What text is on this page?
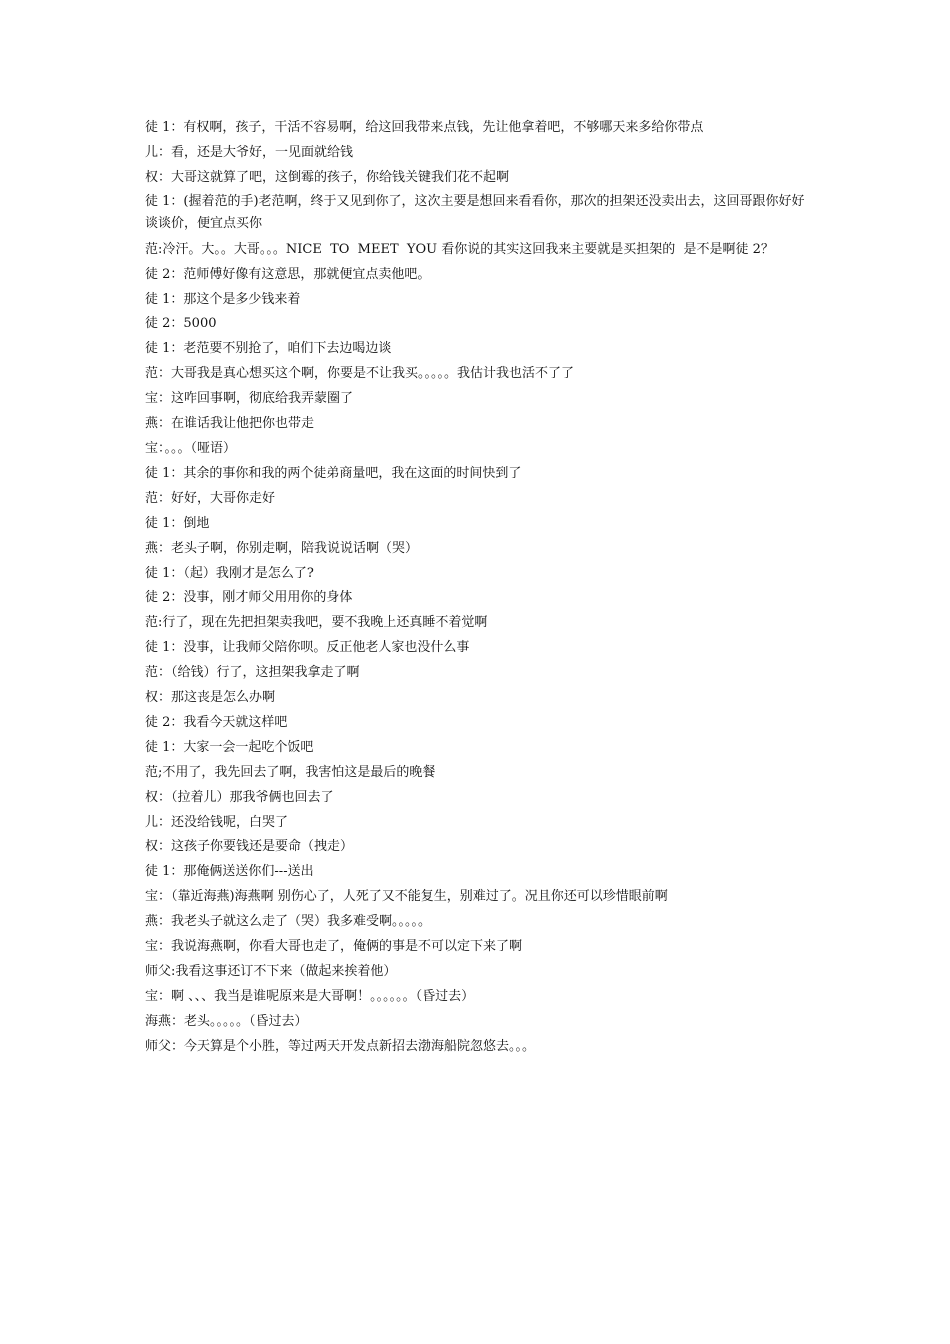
徒 1：有权啊，孩子，干活不容易啊，给这回我带来点钱，先让他拿着吧，不够哪天来多给你带点

儿：看，还是大爷好，一见面就给钱

权：大哥这就算了吧，这倒霉的孩子，你给钱关键我们花不起啊

徒 1：(握着范的手)老范啊，终于又见到你了，这次主要是想回来看看你，那次的担架还没卖出去，这回哥跟你好好谈谈价，便宜点买你

范:冷汗。大。。大哥。。。NICE  TO  MEET  YOU 看你说的其实这回我来主要就是买担架的  是不是啊徒 2？

徒 2：范师傅好像有这意思，那就便宜点卖他吧。

徒 1：那这个是多少钱来着

徒 2：5000

徒 1：老范要不别抢了，咱们下去边喝边谈

范：大哥我是真心想买这个啊，你要是不让我买。。。。。我估计我也活不了了

宝：这咋回事啊，彻底给我弄蒙圈了

燕：在谁话我让他把你也带走

宝：。。。（哑语）

徒 1：其余的事你和我的两个徒弟商量吧，我在这面的时间快到了

范：好好，大哥你走好

徒 1：倒地

燕：老头子啊，你别走啊，陪我说说话啊（哭）

徒 1：（起）我刚才是怎么了?

徒 2：没事，刚才师父用用你的身体

范:行了，现在先把担架卖我吧，要不我晚上还真睡不着觉啊

徒 1：没事，让我师父陪你呗。反正他老人家也没什么事

范：（给钱）行了，这担架我拿走了啊

权：那这丧是怎么办啊

徒 2：我看今天就这样吧

徒 1：大家一会一起吃个饭吧

范;不用了，我先回去了啊，我害怕这是最后的晚餐

权：（拉着儿）那我爷俩也回去了

儿：还没给钱呢，白哭了

权：这孩子你要钱还是要命（拽走）

徒 1：那俺俩送送你们---送出

宝：（靠近海燕)海燕啊 别伤心了，人死了又不能复生，别难过了。况且你还可以珍惜眼前啊

燕：我老头子就这么走了（哭）我多难受啊。。。。。

宝：我说海燕啊，你看大哥也走了，俺俩的事是不可以定下来了啊

师父:我看这事还订不下来（做起来挨着他）

宝：啊 、、、我当是谁呢原来是大哥啊！。。。。。。（昏过去）

海燕：老头。。。。。（昏过去）

师父：今天算是个小胜，等过两天开发点新招去渤海船院忽悠去。。。
